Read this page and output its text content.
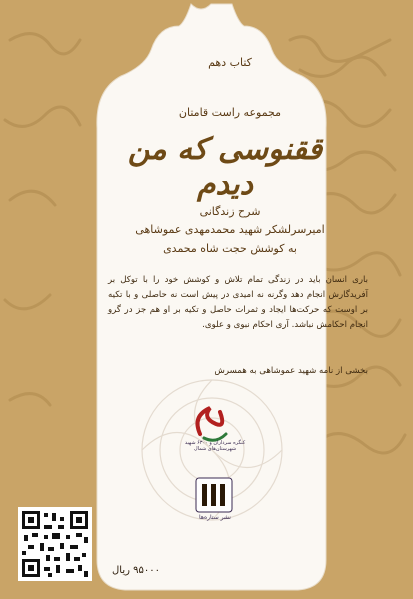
کتاب دهم
مجموعه راست قامتان
ققنوسی که من دیدم
شرح زندگانی
امیرسرلشکر شهید محمدمهدی عموشاهی
به کوشش حجت شاه محمدی
باری انسان باید در زندگی تمام تلاش و کوشش خود را با توکل بر آفریدگارش انجام دهد وگرنه نه امیدی در پیش است نه حاصلی و با تکیه بر اوست که حرکت‌ها ایجاد و ثمرات حاصل و تکیه بر او هم جز در گرو انجام احکامش نباشد. آری احکام نبوی و علوی.
بخشی از نامه شهید عموشاهی به همسرش
کنگره سرداران و ۶۳۰۰ شهید شهرستان‌های شمال
نشر ستاره‌ها
۹۵۰۰۰ ریال
